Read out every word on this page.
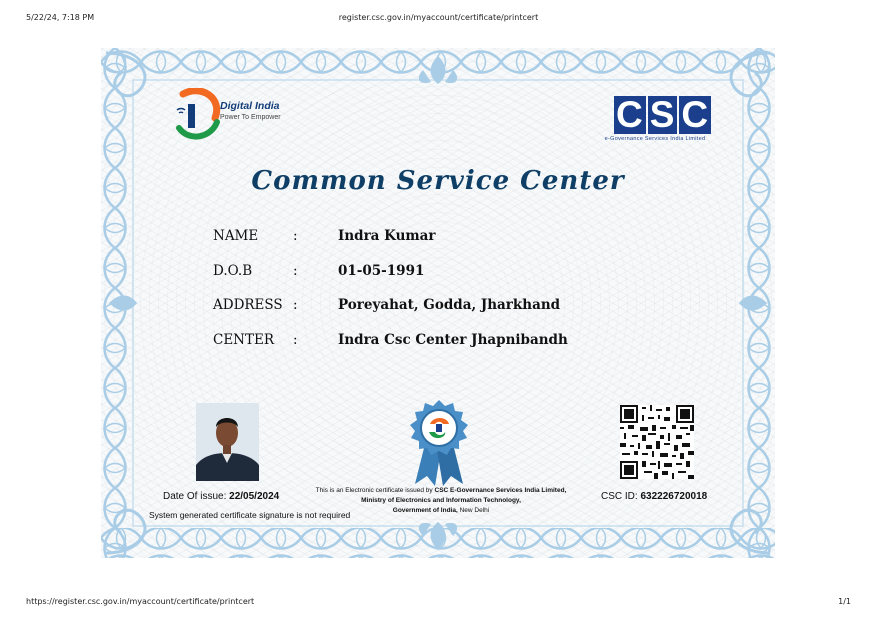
5/22/24, 7:18 PM	register.csc.gov.in/myaccount/certificate/printcert
Digital India
Power To Empower	C S C
e-Governance Services India Limited
Common Service Center
NAME	:	Indra Kumar
D.O.B	:	01-05-1991
ADDRESS :	Poreyahat, Godda, Jharkhand
CENTER :	Indra Csc Center Jhapnibandh
Date Of issue: 22/05/2024
System generated certificate signature is not required
This is an Electronic certificate issued by CSC E-Governance Services India Limited,
Ministry of Electronics and Information Technology,
Government of India, New Delhi
CSC ID: 632226720018
https://register.csc.gov.in/myaccount/certificate/printcert	1/1
